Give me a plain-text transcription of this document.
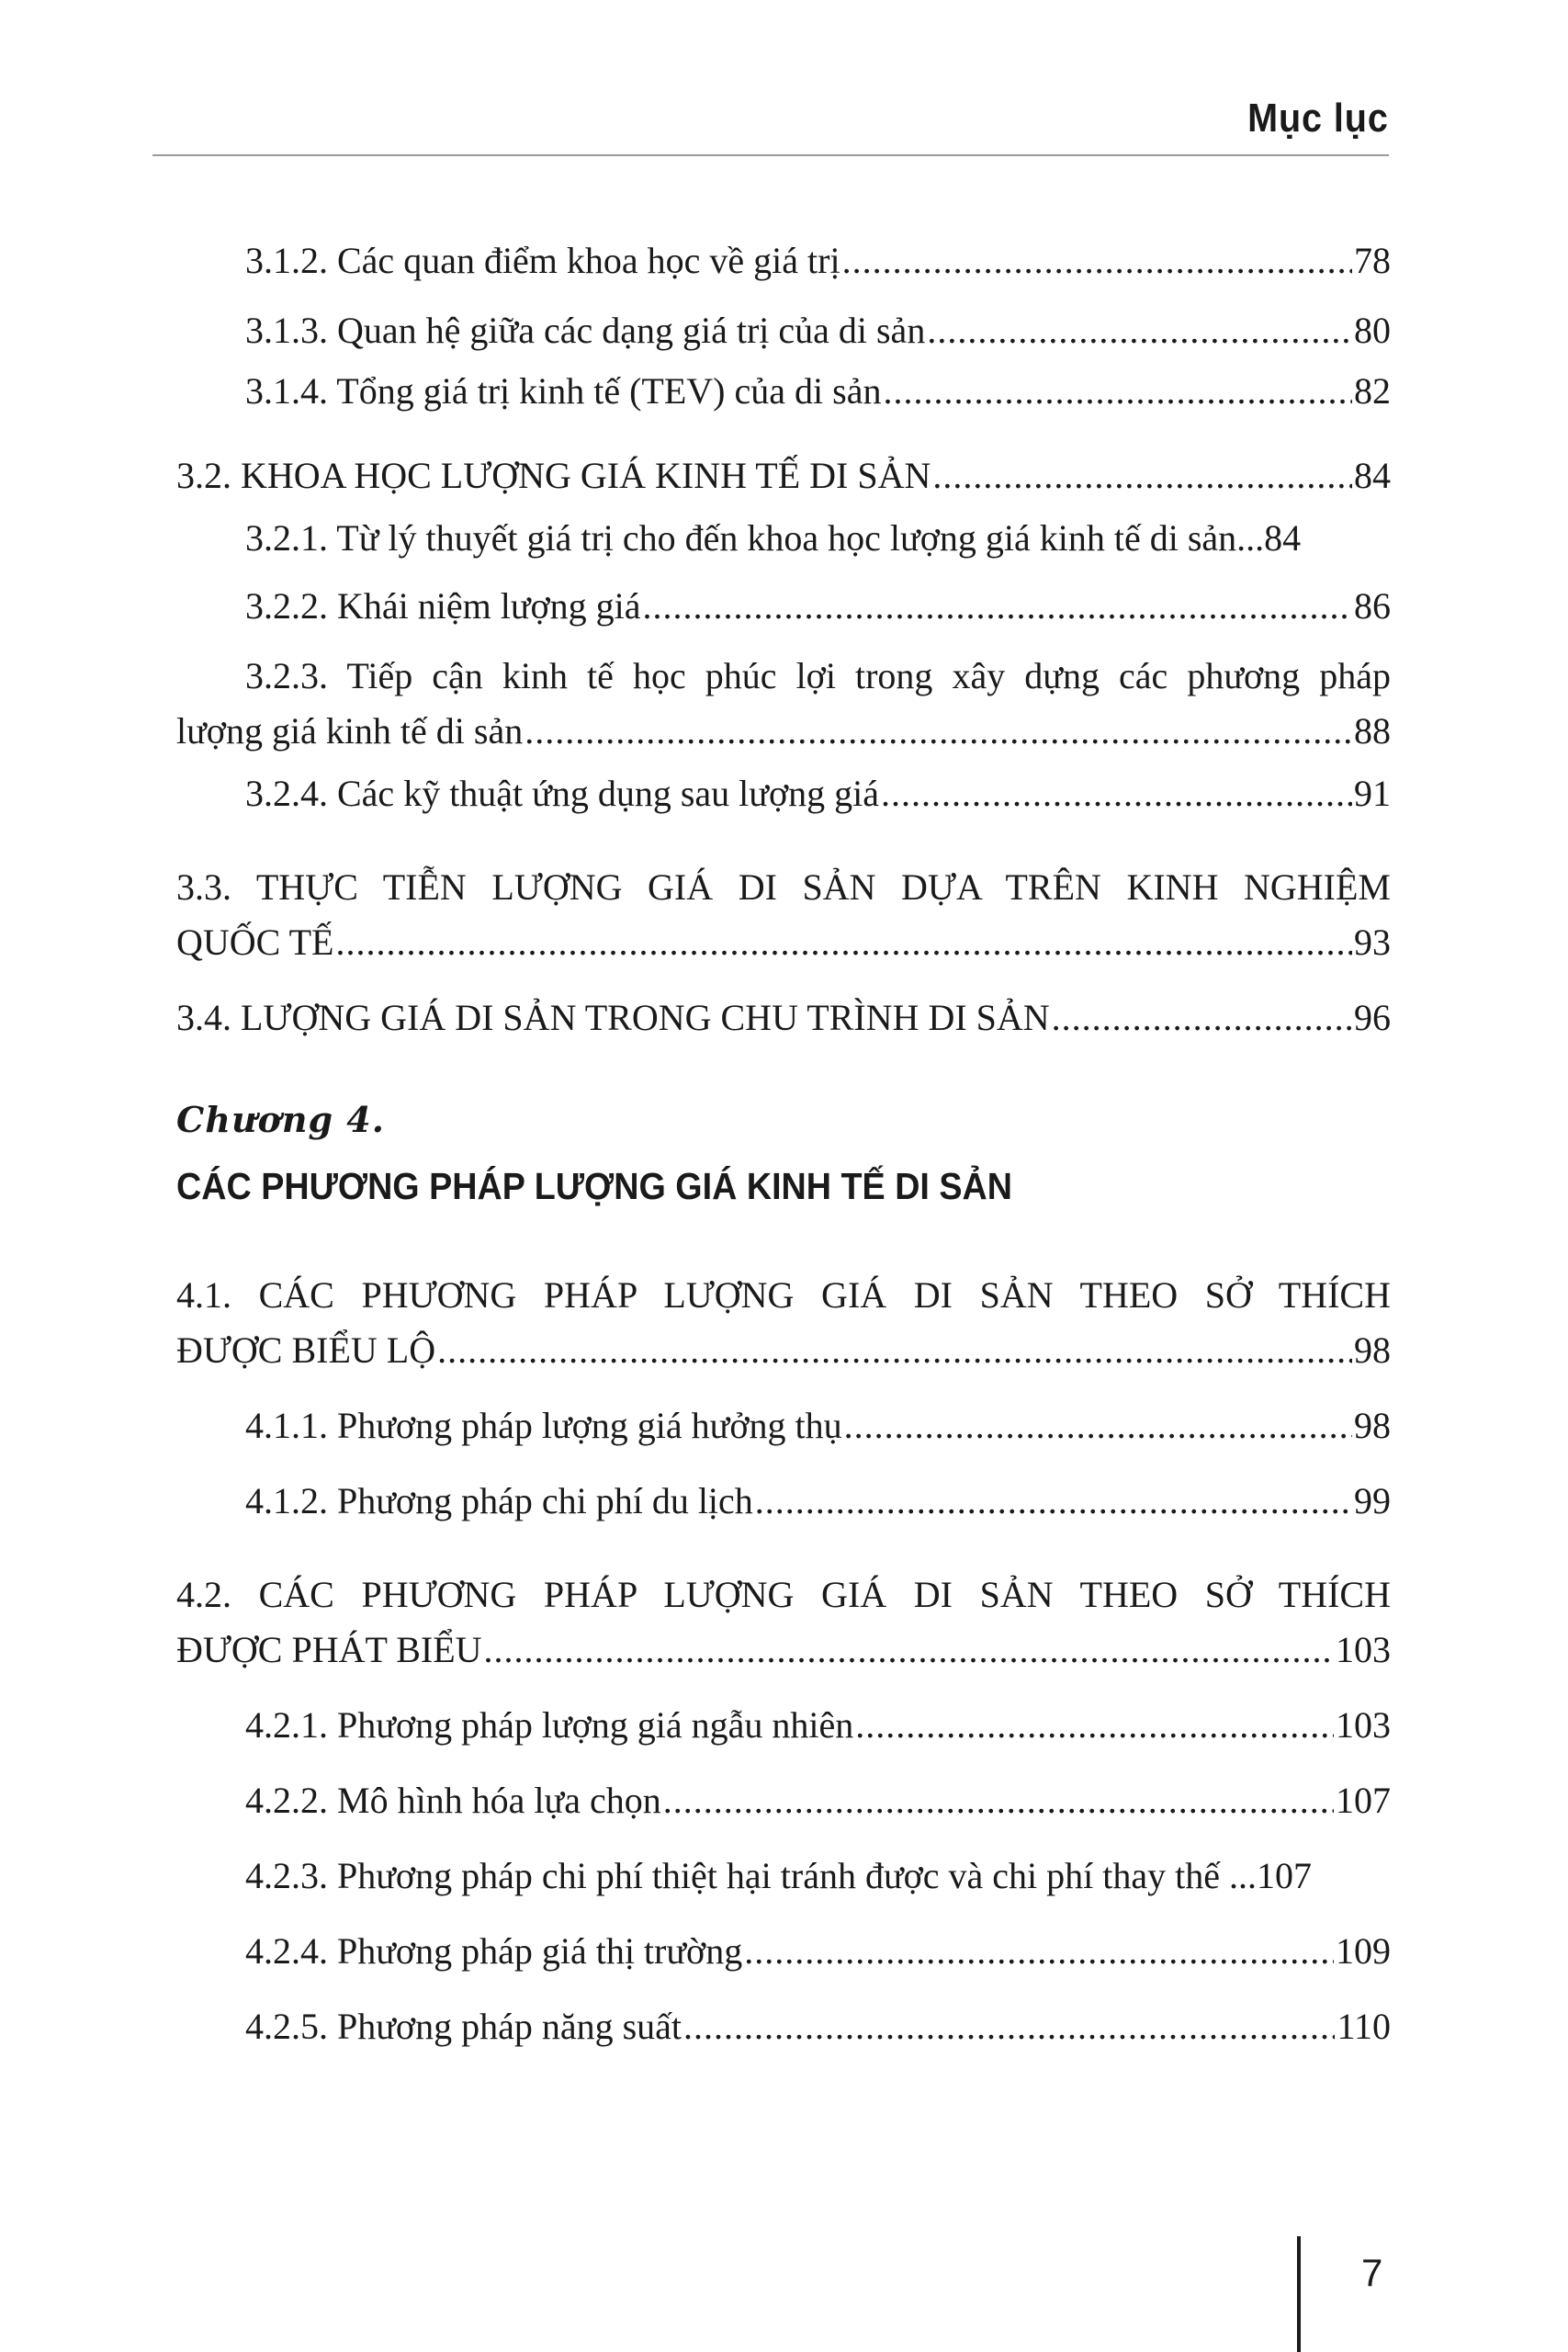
Mục lục
3.1.2. Các quan điểm khoa học về giá trị .....	78
3.1.3. Quan hệ giữa các dạng giá trị của di sản .....	80
3.1.4. Tổng giá trị kinh tế (TEV) của di sản .....	82
3.2. KHOA HỌC LƯỢNG GIÁ KINH TẾ DI SẢN .....	84
3.2.1. Từ lý thuyết giá trị cho đến khoa học lượng giá kinh tế di sản... 84
3.2.2. Khái niệm lượng giá .....	86
3.2.3. Tiếp cận kinh tế học phúc lợi trong xây dựng các phương pháp
lượng giá kinh tế di sản .....	88
3.2.4. Các kỹ thuật ứng dụng sau lượng giá .....	91
3.3. THỰC TIỄN LƯỢNG GIÁ DI SẢN DỰA TRÊN KINH NGHIỆM
QUỐC TẾ .....	93
3.4. LƯỢNG GIÁ DI SẢN TRONG CHU TRÌNH DI SẢN .....	96
4.1. CÁC PHƯƠNG PHÁP LƯỢNG GIÁ DI SẢN THEO SỞ THÍCH
ĐƯỢC BIỂU LỘ .....	98
4.1.1. Phương pháp lượng giá hưởng thụ .....	98
4.1.2. Phương pháp chi phí du lịch .....	99
4.2. CÁC PHƯƠNG PHÁP LƯỢNG GIÁ DI SẢN THEO SỞ THÍCH
ĐƯỢC PHÁT BIỂU .....	103
4.2.1. Phương pháp lượng giá ngẫu nhiên .....	103
4.2.2. Mô hình hóa lựa chọn .....	107
4.2.3. Phương pháp chi phí thiệt hại tránh được và chi phí thay thế ... 107
4.2.4. Phương pháp giá thị trường .....	109
4.2.5. Phương pháp năng suất .....	110
Chương 4.
CÁC PHƯƠNG PHÁP LƯỢNG GIÁ KINH TẾ DI SẢN
7
